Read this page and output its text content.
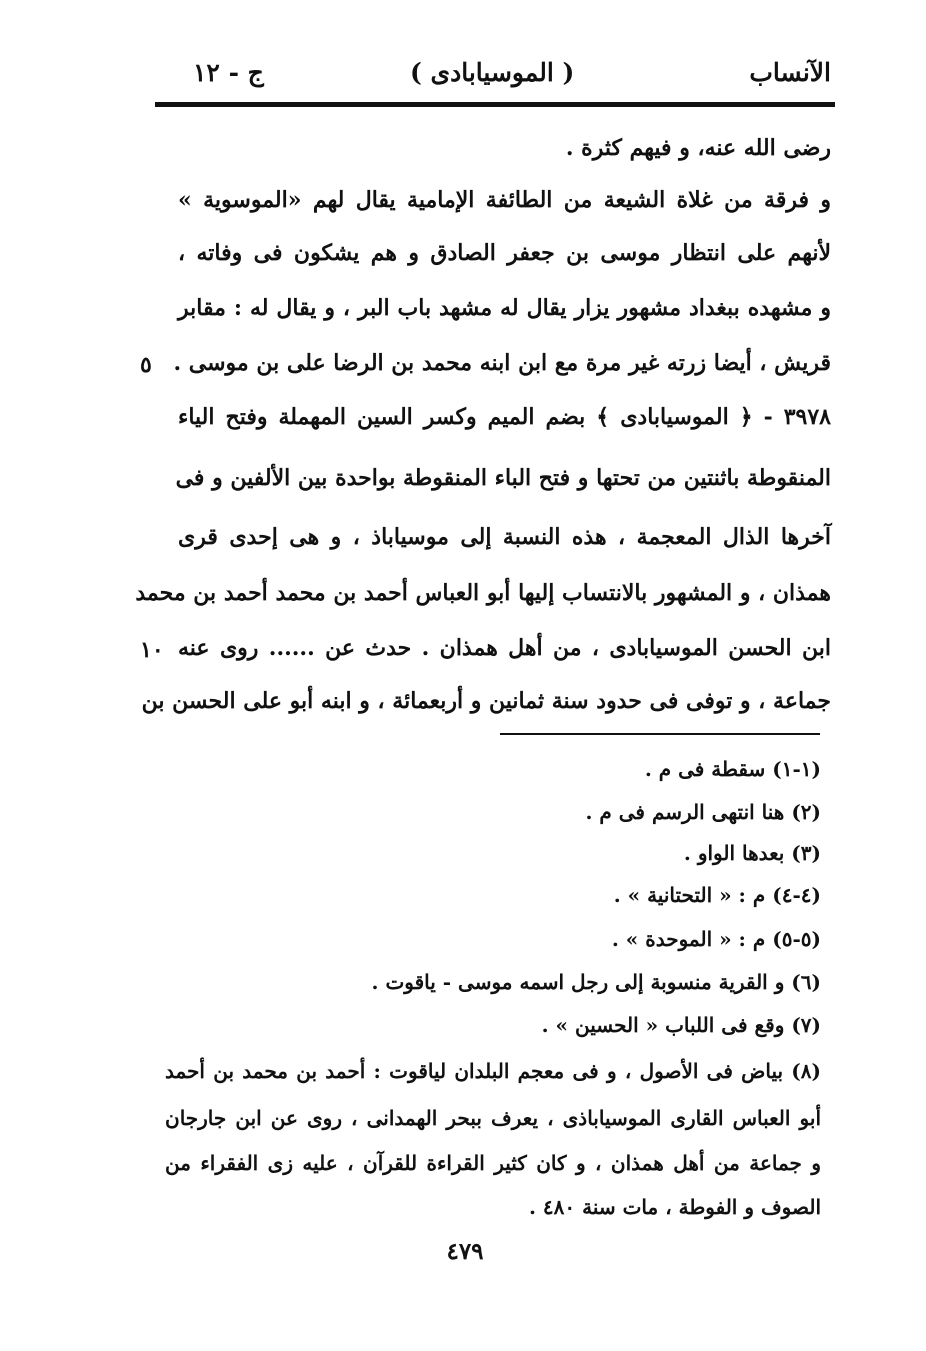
الآنساب
( الموسيابادى )
ج - ١٢
رضى الله عنه، و فيهم كثرة .
و فرقة من غلاة الشيعة من الطائفة الإمامية يقال لهم «الموسوية »
لأنهم على انتظار موسى بن جعفر الصادق و هم يشكون فى وفاته ،
و مشهده ببغداد مشهور يزار يقال له مشهد باب البر ، و يقال له : مقابر
قريش ، أيضا زرته غير مرة مع ابن ابنه محمد بن الرضا على بن موسى .
٣٩٧٨ - ﴿ الموسيابادى ﴾ بضم الميم وكسر السين المهملة وفتح الياء
المنقوطة باثنتين من تحتها و فتح الباء المنقوطة بواحدة بين الألفين و فى
آخرها الذال المعجمة ، هذه النسبة إلى موسياباذ ، و هى إحدى قرى
همذان ، و المشهور بالانتساب إليها أبو العباس أحمد بن محمد أحمد بن محمد
ابن الحسن الموسيابادى ، من أهل همذان . حدث عن ...... روى عنه
جماعة ، و توفى فى حدود سنة ثمانين و أربعمائة ، و ابنه أبو على الحسن بن
٥
١٠
(١-١) سقطة فى م .
(٢) هنا انتهى الرسم فى م .
(٣) بعدها الواو .
(٤-٤) م : « التحتانية » .
(٥-٥) م : « الموحدة » .
(٦) و القرية منسوبة إلى رجل اسمه موسى - ياقوت .
(٧) وقع فى اللباب « الحسين » .
(٨) بياض فى الأصول ، و فى معجم البلدان لياقوت : أحمد بن محمد بن أحمد
أبو العباس القارى الموسياباذى ، يعرف ببحر الهمدانى ، روى عن ابن جارجان
و جماعة من أهل همذان ، و كان كثير القراءة للقرآن ، عليه زى الفقراء من
الصوف و الفوطة ، مات سنة ٤٨٠ .
٤٧٩
